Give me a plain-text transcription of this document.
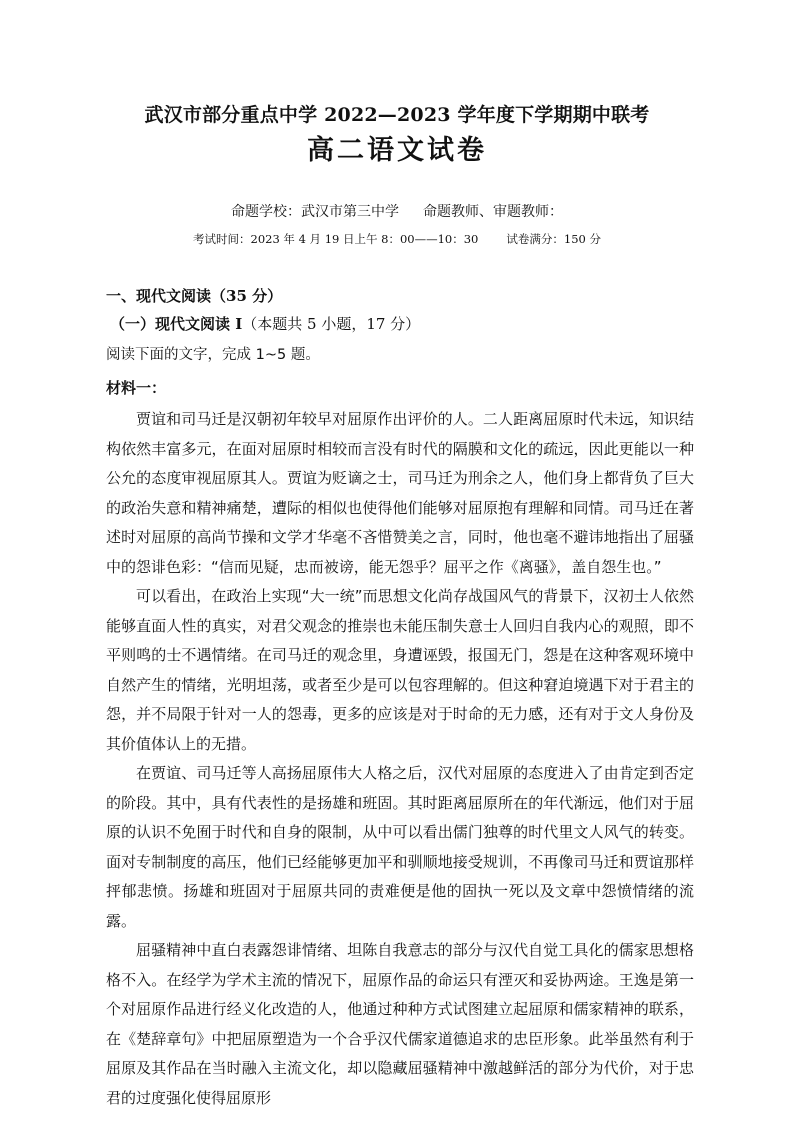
武汉市部分重点中学 2022—2023 学年度下学期期中联考
高二语文试卷
命题学校：武汉市第三中学 命题教师、审题教师：
考试时间：2023 年 4 月 19 日上午 8：00——10：30 试卷满分：150 分
一、现代文阅读（35 分）
（一）现代文阅读 I（本题共 5 小题，17 分）
阅读下面的文字，完成 1~5 题。
材料一：

贾谊和司马迁是汉朝初年较早对屈原作出评价的人。二人距离屈原时代未远，知识结构依然丰富多元，在面对屈原时相较而言没有时代的隔膜和文化的疏远，因此更能以一种公允的态度审视屈原其人。贾谊为贬谪之士，司马迁为刑余之人，他们身上都背负了巨大的政治失意和精神痛楚，遭际的相似也使得他们能够对屈原抱有理解和同情。司马迁在著述时对屈原的高尚节操和文学才华毫不吝惜赞美之言，同时，他也毫不避讳地指出了屈骚中的怨诽色彩：“信而见疑，忠而被谤，能无怨乎？屈平之作《离骚》，盖自怨生也。”

可以看出，在政治上实现“大一统”而思想文化尚存战国风气的背景下，汉初士人依然能够直面人性的真实，对君父观念的推崇也未能压制失意士人回归自我内心的观照，即不平则鸣的士不遇情绪。在司马迁的观念里，身遭诬毁，报国无门，怨是在这种客观环境中自然产生的情绪，光明坦荡，或者至少是可以包容理解的。但这种窘迫境遇下对于君主的怨，并不局限于针对一人的怨毒，更多的应该是对于时命的无力感，还有对于文人身份及其价值体认上的无措。

在贾谊、司马迁等人高扬屈原伟大人格之后，汉代对屈原的态度进入了由肯定到否定的阶段。其中，具有代表性的是扬雄和班固。其时距离屈原所在的年代渐远，他们对于屈原的认识不免囿于时代和自身的限制，从中可以看出儒门独尊的时代里文人风气的转变。面对专制制度的高压，他们已经能够更加平和驯顺地接受规训，不再像司马迁和贾谊那样抨郁悲愤。扬雄和班固对于屈原共同的责难便是他的固执一死以及文章中怨愤情绪的流露。

屈骚精神中直白表露怨诽情绪、坦陈自我意志的部分与汉代自觉工具化的儒家思想格格不入。在经学为学术主流的情况下，屈原作品的命运只有湮灭和妥协两途。王逸是第一个对屈原作品进行经义化改造的人，他通过种种方式试图建立起屈原和儒家精神的联系，在《楚辞章句》中把屈原塑造为一个合乎汉代儒家道德追求的忠臣形象。此举虽然有利于屈原及其作品在当时融入主流文化，却以隐藏屈骚精神中激越鲜活的部分为代价，对于忠君的过度强化使得屈原形
